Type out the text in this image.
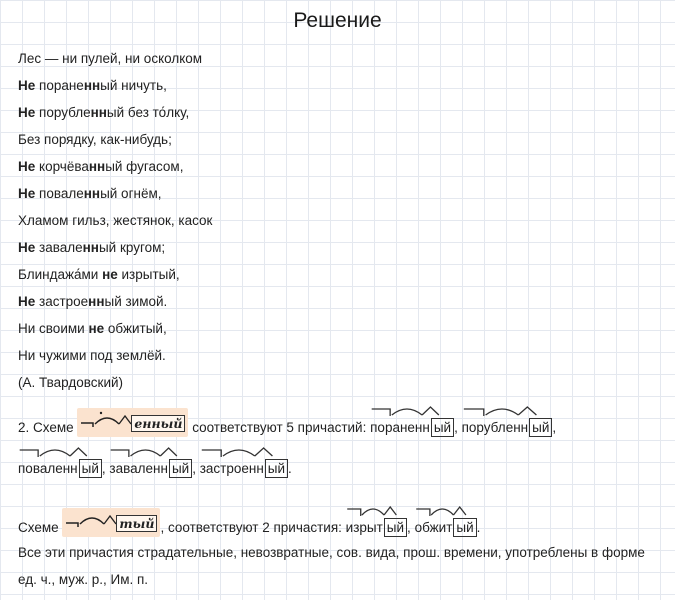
Решение
Лес — ни пулей, ни осколком
Не пораненный ничуть,
Не порубленный без то́лку,
Без порядку, как-нибудь;
Не корчёванный фугасом,
Не поваленный огнём,
Хламом гильз, жестянок, касок
Не заваленный кругом;
Блиндажа́ми не изрытый,
Не застроенный зимой.
Ни своими не обжитый,
Ни чужими под землёй.
(А. Твардовский)
2. Схеме	енный соответствуют 5 причастий: пораненн ый , порубленн ый ,
поваленн ый , заваленн ый , застроенн ый .
Схеме	тый , соответствуют 2 причастия: изрыт ый , обжит ый .
Все эти причастия страдательные, невозвратные, сов. вида, прош. времени, употреблены в форме ед. ч., муж. р., Им. п.
